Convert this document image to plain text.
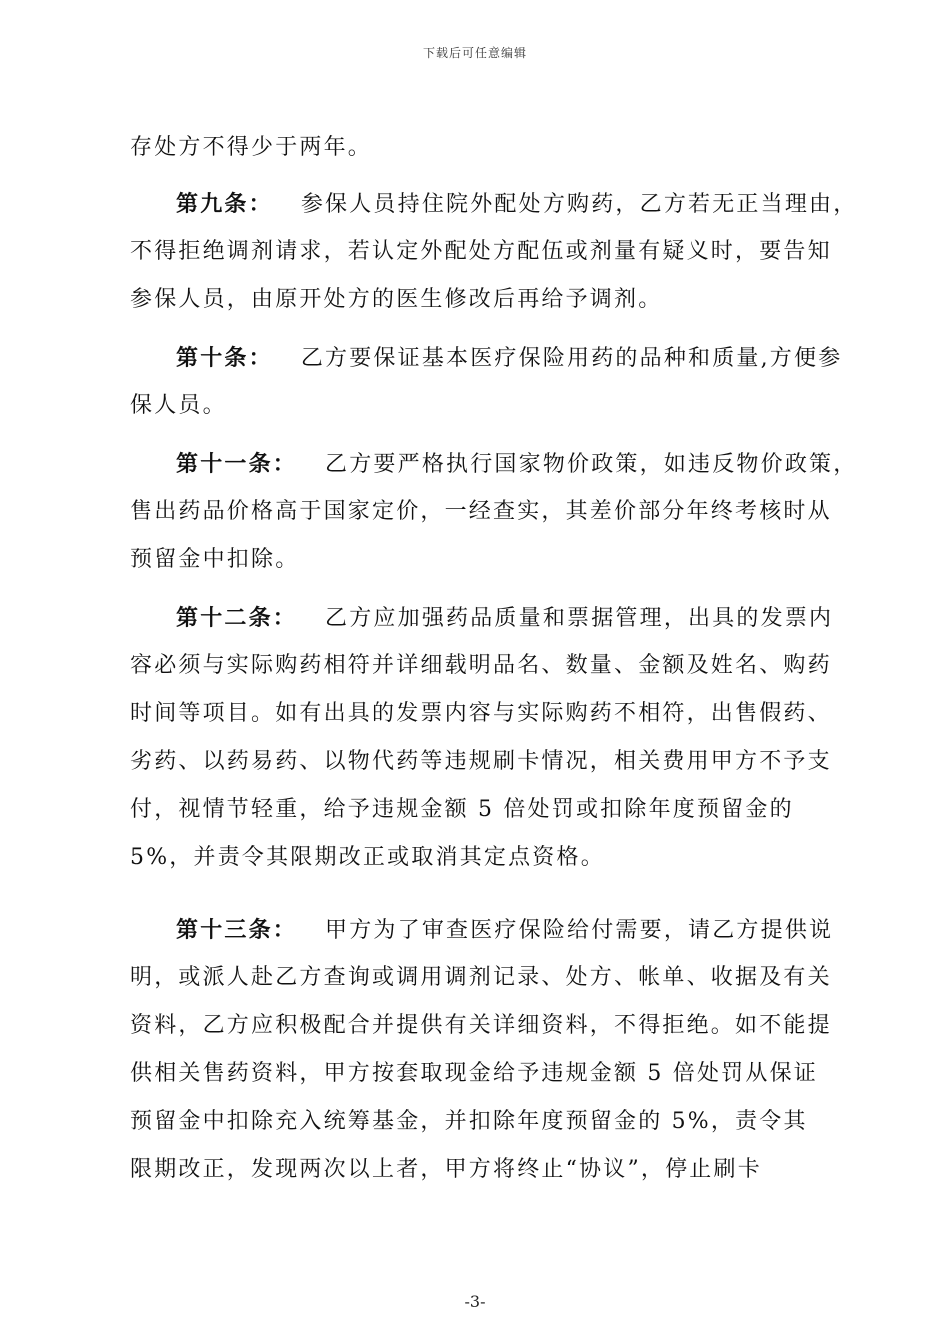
下载后可任意编辑
存处方不得少于两年。
第九条： 参保人员持住院外配处方购药，乙方若无正当理由，
不得拒绝调剂请求，若认定外配处方配伍或剂量有疑义时，要告知
参保人员，由原开处方的医生修改后再给予调剂。
第十条： 乙方要保证基本医疗保险用药的品种和质量,方便参
保人员。
第十一条： 乙方要严格执行国家物价政策，如违反物价政策，
售出药品价格高于国家定价，一经查实，其差价部分年终考核时从
预留金中扣除。
第十二条： 乙方应加强药品质量和票据管理，出具的发票内
容必须与实际购药相符并详细载明品名、数量、金额及姓名、购药
时间等项目。如有出具的发票内容与实际购药不相符，出售假药、
劣药、以药易药、以物代药等违规刷卡情况，相关费用甲方不予支
付，视情节轻重，给予违规金额 5 倍处罚或扣除年度预留金的
5%，并责令其限期改正或取消其定点资格。
第十三条： 甲方为了审查医疗保险给付需要，请乙方提供说
明，或派人赴乙方查询或调用调剂记录、处方、帐单、收据及有关
资料，乙方应积极配合并提供有关详细资料，不得拒绝。如不能提
供相关售药资料，甲方按套取现金给予违规金额 5 倍处罚从保证
预留金中扣除充入统筹基金，并扣除年度预留金的 5%，责令其
限期改正，发现两次以上者，甲方将终止“协议”，停止刷卡
-3-
